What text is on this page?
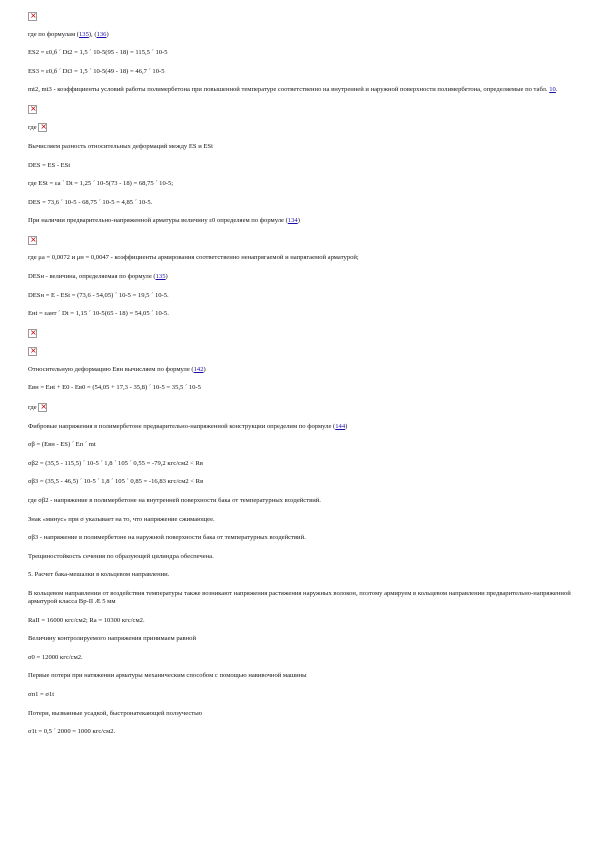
×
где по формулам (135), (136)
ES2 = ε0,б ´ Dt2 = 1,5 ´ 10-5(95 - 18) = 115,5 ´ 10-5
ES3 = ε0,б ´ Dt3 = 1,5 ´ 10-5(49 - 18) = 46,7 ´ 10-5
mt2, mt3 - коэффициенты условий работы полимербетона при повышенной температуре соответственно на внутренней и наружной поверхности полимербетона, определяемые по табл. 10.
×
где ×
Вычисляем разность относительных деформаций между ES и ESt
DES = ES - ESt
где ESt = εa ´ Dt = 1,25 ´ 10-5(73 - 18) = 68,75 ´ 10-5;
DES = 73,6 ´ 10-5 - 68,75 ´ 10-5 = 4,85 ´ 10-5.
При наличии предварительно-напряженной арматуры величину ε0 определяем по формуле (134)
×
где μa = 0,0072 и μн = 0,0047 - коэффициенты армирования соответственно ненапрягаемой и напрягаемой арматурой;
DESн - величина, определяемая по формуле (135)
DESн = E - ESt = (73,6 - 54,05) ´ 10-5 = 19,5 ´ 10-5.
Eнt = εант ´ Dt = 1,15 ´ 10-5(65 - 18) = 54,05 ´ 10-5.
×
×
Относительную деформацию Eвн вычисляем по формуле (142)
Eвн = Eнt + E0 - Eв0 = (54,05 + 17,3 - 35,8) ´ 10-5 = 35,5 ´ 10-5
где ×
Фибровые напряжения в полимербетоне предварительно-напряженной конструкции определим по формуле (144)
σβ = (Eвн - ES) ´ Eп ´ mt
σβ2 = (35,5 - 115,5) ´ 10-5 ´ 1,8 ´ 105 ´ 0,55 = -79,2 кгс/см2 < Rв
σβ3 = (35,5 - 46,5) ´ 10-5 ´ 1,8 ´ 105 ´ 0,85 = -16,83 кгс/см2 < Rв
где σβ2 - напряжение в полимербетоне на внутренней поверхности бака от температурных воздействий.
Знак «минус» при σ указывает на то, что напряжение сжимающее.
σβ3 - напряжение в полимербетоне на наружной поверхности бака от температурных воздействий.
Трещиностойкость сечения по образующей цилиндра обеспечена.
5. Расчет бака-мешалки в кольцевом направлении.
В кольцевом направлении от воздействия температуры также возникают напряжения растяжения наружных волокон, поэтому армируем в кольцевом направлении предварительно-напряженной арматурой класса Вр-II Æ 5 мм
RaII = 16000 кгс/см2; Ra = 10300 кгс/см2.
Величину контролируемого напряжения принимаем равной
σ0 = 12000 кгс/см2.
Первые потери при натяжении арматуры механическим способом с помощью навивочной машины
σп1 = σ1t
Потери, вызванные усадкой, быстронатекающей ползучестью
σ1t = 0,5 ´ 2000 = 1000 кгс/см2.
